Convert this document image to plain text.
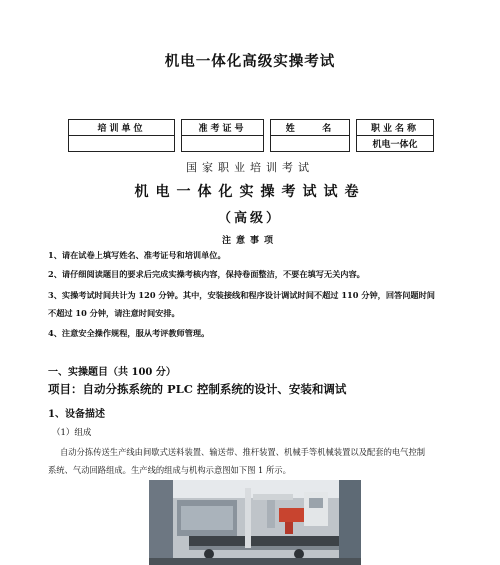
机电一体化高级实操考试
培训单位		准考证号		姓    名		职业名称
						机电一体化
国家职业培训考试
机电一体化实操考试试卷
（高级）
注意事项
1、请在试卷上填写姓名、准考证号和培训单位。
2、请仔细阅读题目的要求后完成实操考核内容，保持卷面整洁，不要在填写无关内容。
3、实操考试时间共计为 120 分钟。其中，安装接线和程序设计调试时间不超过 110 分钟，回答问题时间
不超过 10 分钟，请注意时间安排。
4、注意安全操作规程，服从考评教师管理。
一、实操题目（共 100 分）
项目：自动分拣系统的 PLC 控制系统的设计、安装和调试
1、设备描述
（1）组成
自动分拣传送生产线由间歇式送料装置、输送带、推杆装置、机械手等机械装置以及配套的电气控制
系统、气动回路组成。生产线的组成与机构示意图如下图 1 所示。
